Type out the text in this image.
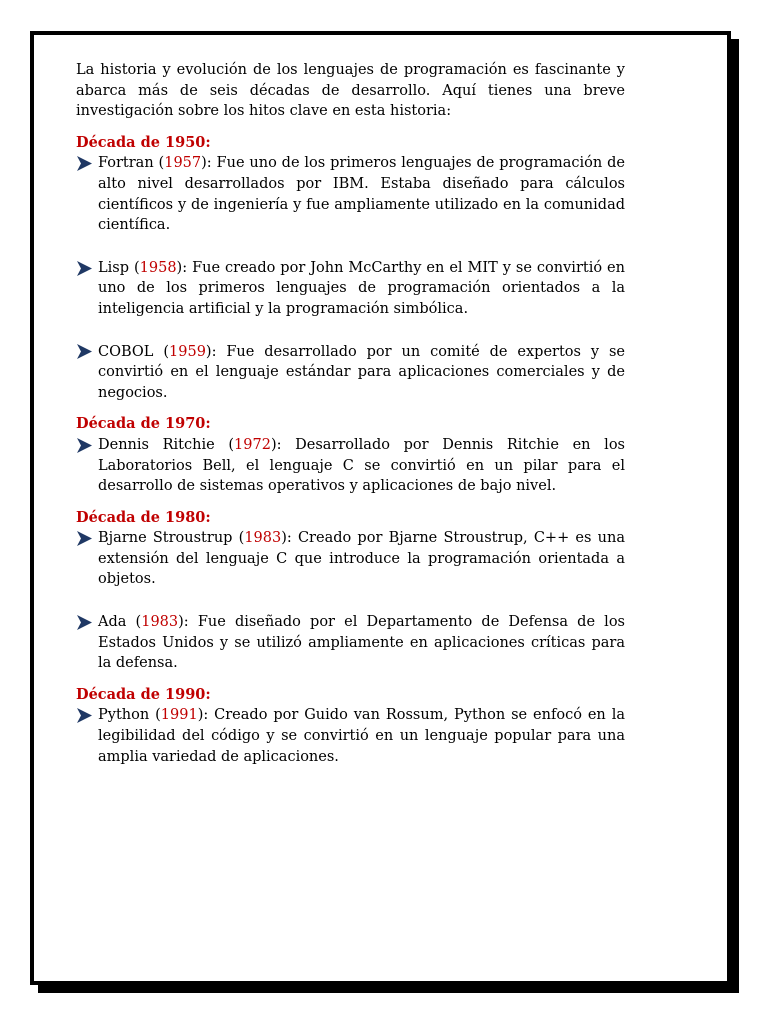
La historia y evolución de los lenguajes de programación es fascinante y abarca más de seis décadas de desarrollo. Aquí tienes una breve investigación sobre los hitos clave en esta historia:

Década de 1950:

Fortran (1957): Fue uno de los primeros lenguajes de programación de alto nivel desarrollados por IBM. Estaba diseñado para cálculos científicos y de ingeniería y fue ampliamente utilizado en la comunidad científica.
Lisp (1958): Fue creado por John McCarthy en el MIT y se convirtió en uno de los primeros lenguajes de programación orientados a la inteligencia artificial y la programación simbólica.
COBOL (1959): Fue desarrollado por un comité de expertos y se convirtió en el lenguaje estándar para aplicaciones comerciales y de negocios.

Década de 1970:

Dennis Ritchie (1972): Desarrollado por Dennis Ritchie en los Laboratorios Bell, el lenguaje C se convirtió en un pilar para el desarrollo de sistemas operativos y aplicaciones de bajo nivel.

Década de 1980:

Bjarne Stroustrup (1983): Creado por Bjarne Stroustrup, C++ es una extensión del lenguaje C que introduce la programación orientada a objetos.
Ada (1983): Fue diseñado por el Departamento de Defensa de los Estados Unidos y se utilizó ampliamente en aplicaciones críticas para la defensa.

Década de 1990:

Python (1991): Creado por Guido van Rossum, Python se enfocó en la legibilidad del código y se convirtió en un lenguaje popular para una amplia variedad de aplicaciones.
